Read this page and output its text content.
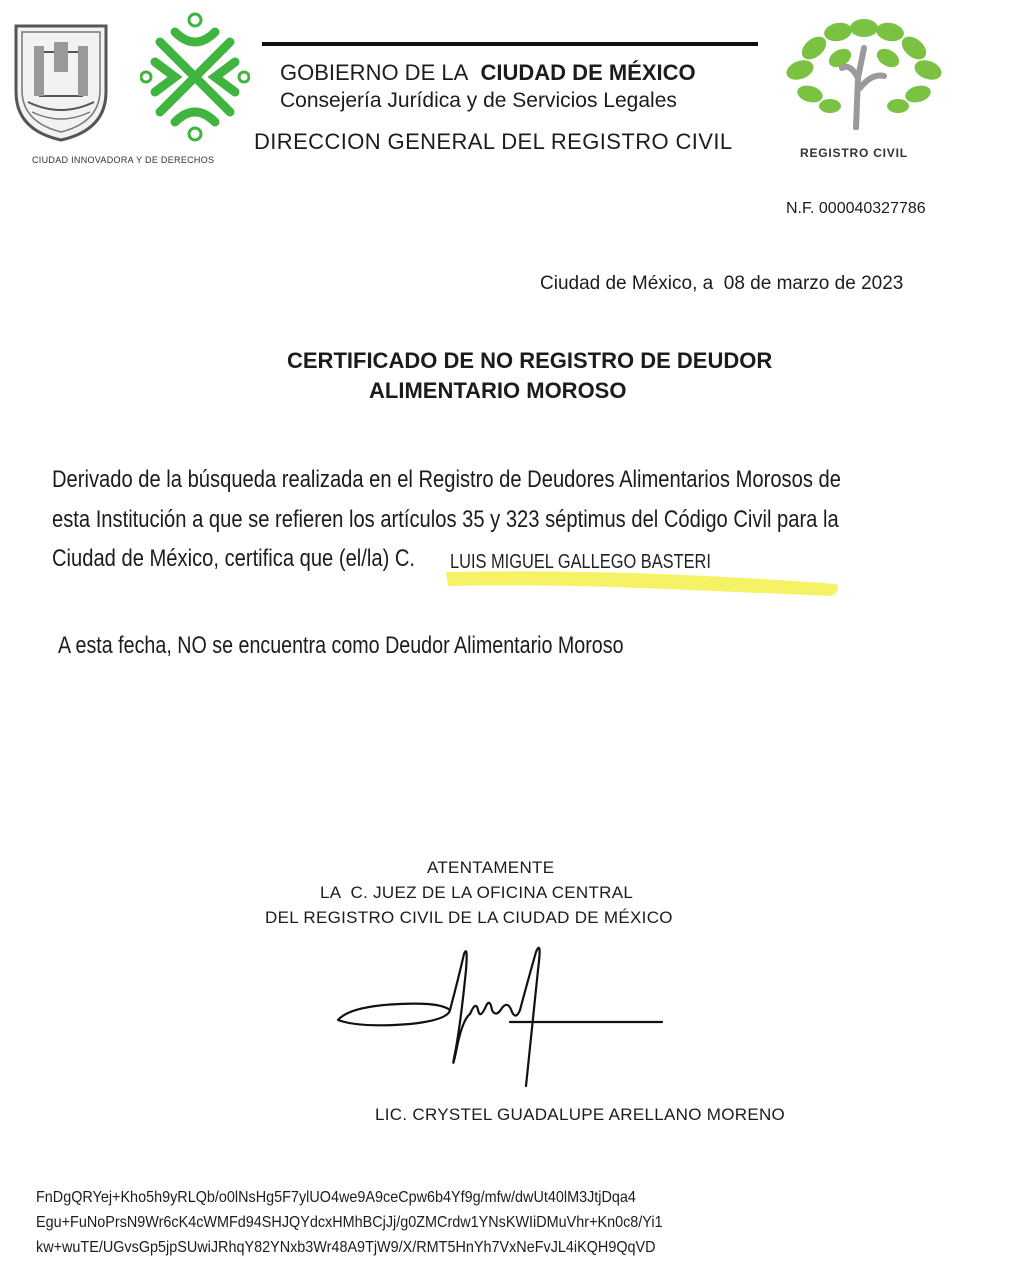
CIUDAD INNOVADORA Y DE DERECHOS
GOBIERNO DE LA CIUDAD DE MÉXICO
Consejería Jurídica y de Servicios Legales
DIRECCION GENERAL DEL REGISTRO CIVIL	REGISTRO CIVIL
N.F. 000040327786
Ciudad de México, a  08 de marzo de 2023
CERTIFICADO DE NO REGISTRO DE DEUDOR
ALIMENTARIO MOROSO
Derivado de la búsqueda realizada en el Registro de Deudores Alimentarios Morosos de
esta Institución a que se refieren los artículos 35 y 323 séptimus del Código Civil para la
Ciudad de México, certifica que (el/la) C. LUIS MIGUEL GALLEGO BASTERI
A esta fecha, NO se encuentra como Deudor Alimentario Moroso
ATENTAMENTE
LA  C. JUEZ DE LA OFICINA CENTRAL
DEL REGISTRO CIVIL DE LA CIUDAD DE MÉXICO
LIC. CRYSTEL GUADALUPE ARELLANO MORENO
FnDgQRYej+Kho5h9yRLQb/o0lNsHg5F7ylUO4we9A9ceCpw6b4Yf9g/mfw/dwUt40lM3JtjDqa4
Egu+FuNoPrsN9Wr6cK4cWMFd94SHJQYdcxHMhBCjJj/g0ZMCrdw1YNsKWIiDMuVhr+Kn0c8/Yi1
kw+wuTE/UGvsGp5jpSUwiJRhqY82YNxb3Wr48A9TjW9/X/RMT5HnYh7VxNeFvJL4iKQH9QqVD
